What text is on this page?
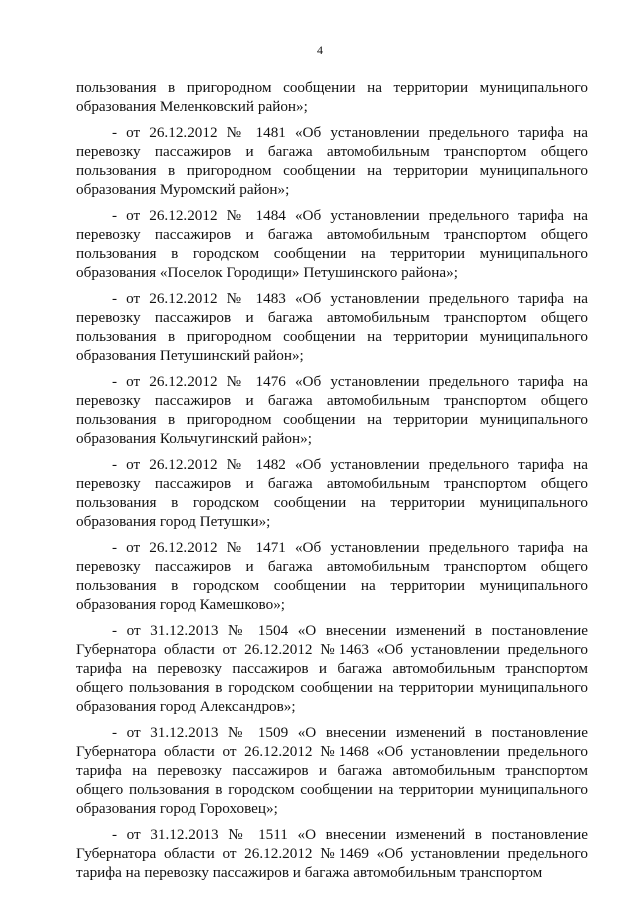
4

пользования в пригородном сообщении на территории муниципального образования Меленковский район»;

- от 26.12.2012 № 1481 «Об установлении предельного тарифа на перевозку пассажиров и багажа автомобильным транспортом общего пользования в пригородном сообщении на территории муниципального образования Муромский район»;

- от 26.12.2012 № 1484 «Об установлении предельного тарифа на перевозку пассажиров и багажа автомобильным транспортом общего пользования в городском сообщении на территории муниципального образования «Поселок Городищи» Петушинского района»;

- от 26.12.2012 № 1483 «Об установлении предельного тарифа на перевозку пассажиров и багажа автомобильным транспортом общего пользования в пригородном сообщении на территории муниципального образования Петушинский район»;

- от 26.12.2012 № 1476 «Об установлении предельного тарифа на перевозку пассажиров и багажа автомобильным транспортом общего пользования в пригородном сообщении на территории муниципального образования Кольчугинский район»;

- от 26.12.2012 № 1482 «Об установлении предельного тарифа на перевозку пассажиров и багажа автомобильным транспортом общего пользования в городском сообщении на территории муниципального образования город Петушки»;

- от 26.12.2012 № 1471 «Об установлении предельного тарифа на перевозку пассажиров и багажа автомобильным транспортом общего пользования в городском сообщении на территории муниципального образования город Камешково»;

- от 31.12.2013 № 1504 «О внесении изменений в постановление Губернатора области от 26.12.2012 №1463 «Об установлении предельного тарифа на перевозку пассажиров и багажа автомобильным транспортом общего пользования в городском сообщении на территории муниципального образования город Александров»;

- от 31.12.2013 № 1509 «О внесении изменений в постановление Губернатора области от 26.12.2012 №1468 «Об установлении предельного тарифа на перевозку пассажиров и багажа автомобильным транспортом общего пользования в городском сообщении на территории муниципального образования город Гороховец»;

- от 31.12.2013 № 1511 «О внесении изменений в постановление Губернатора области от 26.12.2012 №1469 «Об установлении предельного тарифа на перевозку пассажиров и багажа автомобильным транспортом
